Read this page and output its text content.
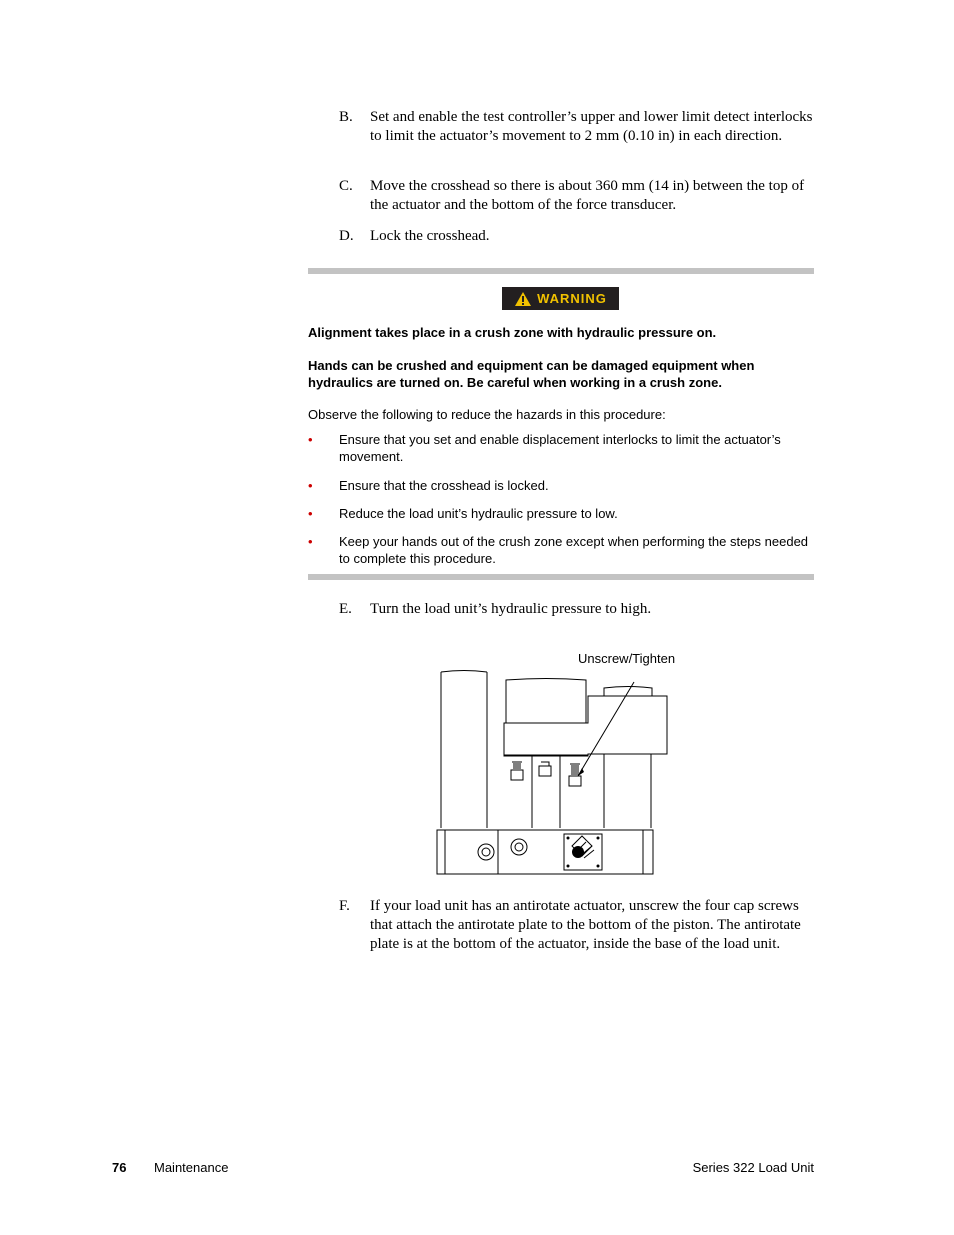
B. Set and enable the test controller’s upper and lower limit detect interlocks to limit the actuator’s movement to 2 mm (0.10 in) in each direction.
C. Move the crosshead so there is about 360 mm (14 in) between the top of the actuator and the bottom of the force transducer.
D. Lock the crosshead.
WARNING
Alignment takes place in a crush zone with hydraulic pressure on.
Hands can be crushed and equipment can be damaged equipment when hydraulics are turned on. Be careful when working in a crush zone.
Observe the following to reduce the hazards in this procedure:
• Ensure that you set and enable displacement interlocks to limit the actuator’s movement.
• Ensure that the crosshead is locked.
• Reduce the load unit’s hydraulic pressure to low.
• Keep your hands out of the crush zone except when performing the steps needed to complete this procedure.
E. Turn the load unit’s hydraulic pressure to high.
Unscrew/Tighten
F. If your load unit has an antirotate actuator, unscrew the four cap screws that attach the antirotate plate to the bottom of the piston. The antirotate plate is at the bottom of the actuator, inside the base of the load unit.
76 Maintenance	Series 322 Load Unit
